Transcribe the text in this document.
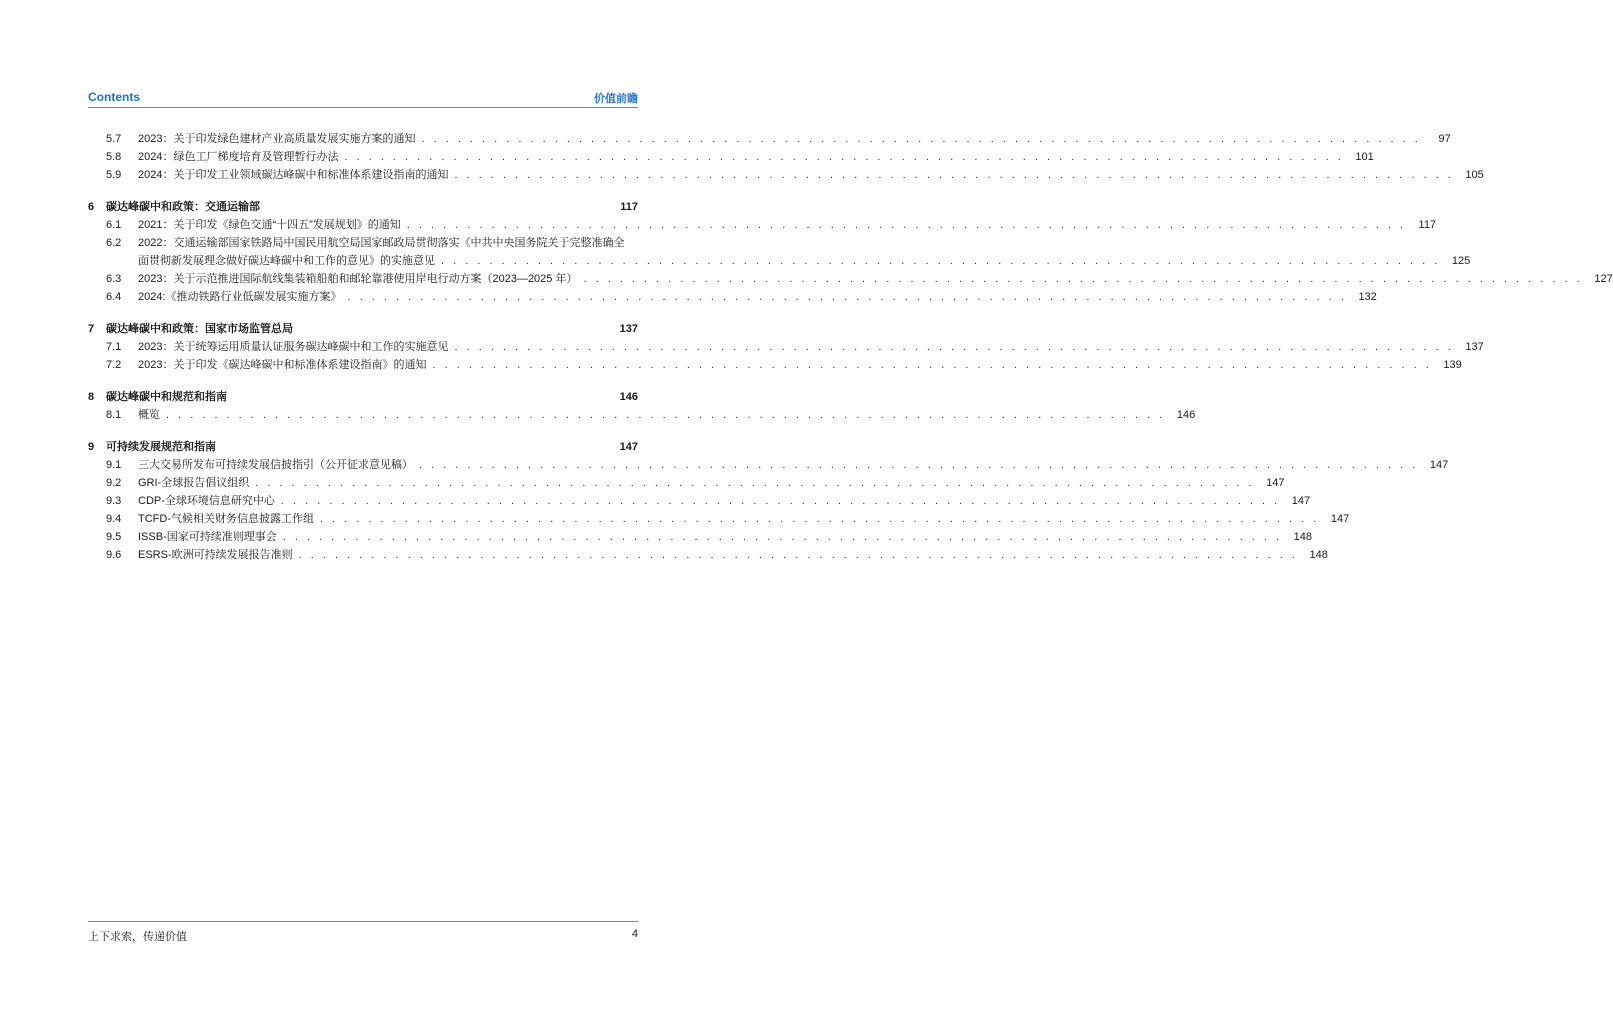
Contents	价值前瞻
5.7	2023：关于印发绿色建材产业高质量发展实施方案的通知 . . . . . . . . . . . . . . . . . . . . . . . . . . . . . . . . . . . . . . . . . . . . . . . . . . . . . . . . . . . . . . . . . . . . . . . . . . . . . . . . . . .	97
5.8	2024：绿色工厂梯度培育及管理暂行办法 . . . . . . . . . . . . . . . . . . . . . . . . . . . . . . . . . . . . . . . . . . . . . . . . . . . . . . . . . . . . . . . . . . . . . . . . . . . . . . . . . . .	101
5.9	2024：关于印发工业领域碳达峰碳中和标准体系建设指南的通知 . . . . . . . . . . . . . . . . . . . . . . . . . . . . . . . . . . . . . . . . . . . . . . . . . . . . . . . . . . . . . . . . . . . . . . . . . . . . . . . . . . .	105
6 碳达峰碳中和政策：交通运输部	117
6.1	2021：关于印发《绿色交通“十四五”发展规划》的通知 . . . . . . . . . . . . . . . . . . . . . . . . . . . . . . . . . . . . . . . . . . . . . . . . . . . . . . . . . . . . . . . . . . . . . . . . . . . . . . . . . . .	117
6.2	2022：交通运输部国家铁路局中国民用航空局国家邮政局贯彻落实《中共中央国务院关于完整准确全
面贯彻新发展理念做好碳达峰碳中和工作的意见》的实施意见 . . . . . . . . . . . . . . . . . . . . . . . . . . . . . . . . . . . . . . . . . . . . . . . . . . . . . . . . . . . . . . . . . . . . . . . . . . . . . . . . . . .	125
6.3	2023：关于示范推进国际航线集装箱船舶和邮轮靠港使用岸电行动方案（2023—2025 年） . . . . . . . . . . . . . . . . . . . . . . . . . . . . . . . . . . . . . . . . . . . . . . . . . . . . . . . . . . . . . . . . . . . . . . . . . . . . . . . . . . .	127
6.4	2024:《推动铁路行业低碳发展实施方案》 . . . . . . . . . . . . . . . . . . . . . . . . . . . . . . . . . . . . . . . . . . . . . . . . . . . . . . . . . . . . . . . . . . . . . . . . . . . . . . . . . . .	132
7 碳达峰碳中和政策：国家市场监管总局	137
7.1	2023：关于统筹运用质量认证服务碳达峰碳中和工作的实施意见 . . . . . . . . . . . . . . . . . . . . . . . . . . . . . . . . . . . . . . . . . . . . . . . . . . . . . . . . . . . . . . . . . . . . . . . . . . . . . . . . . . .	137
7.2	2023：关于印发《碳达峰碳中和标准体系建设指南》的通知 . . . . . . . . . . . . . . . . . . . . . . . . . . . . . . . . . . . . . . . . . . . . . . . . . . . . . . . . . . . . . . . . . . . . . . . . . . . . . . . . . . .	139
8 碳达峰碳中和规范和指南	146
8.1	概览 . . . . . . . . . . . . . . . . . . . . . . . . . . . . . . . . . . . . . . . . . . . . . . . . . . . . . . . . . . . . . . . . . . . . . . . . . . . . . . . . . . .	146
9 可持续发展规范和指南	147
9.1	三大交易所发布可持续发展信披指引（公开征求意见稿） . . . . . . . . . . . . . . . . . . . . . . . . . . . . . . . . . . . . . . . . . . . . . . . . . . . . . . . . . . . . . . . . . . . . . . . . . . . . . . . . . . .	147
9.2	GRI-全球报告倡议组织 . . . . . . . . . . . . . . . . . . . . . . . . . . . . . . . . . . . . . . . . . . . . . . . . . . . . . . . . . . . . . . . . . . . . . . . . . . . . . . . . . . .	147
9.3	CDP-全球环境信息研究中心 . . . . . . . . . . . . . . . . . . . . . . . . . . . . . . . . . . . . . . . . . . . . . . . . . . . . . . . . . . . . . . . . . . . . . . . . . . . . . . . . . . .	147
9.4	TCFD-气候相关财务信息披露工作组 . . . . . . . . . . . . . . . . . . . . . . . . . . . . . . . . . . . . . . . . . . . . . . . . . . . . . . . . . . . . . . . . . . . . . . . . . . . . . . . . . . .	147
9.5	ISSB-国家可持续准则理事会 . . . . . . . . . . . . . . . . . . . . . . . . . . . . . . . . . . . . . . . . . . . . . . . . . . . . . . . . . . . . . . . . . . . . . . . . . . . . . . . . . . .	148
9.6	ESRS-欧洲可持续发展报告准则 . . . . . . . . . . . . . . . . . . . . . . . . . . . . . . . . . . . . . . . . . . . . . . . . . . . . . . . . . . . . . . . . . . . . . . . . . . . . . . . . . . .	148
上下求索，传递价值	4
